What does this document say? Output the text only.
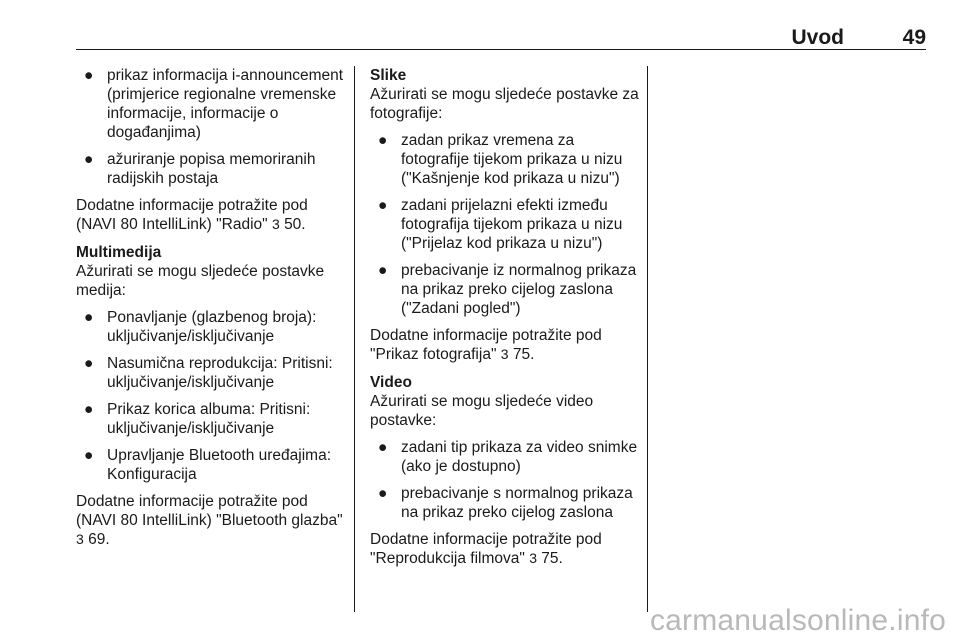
Uvod	49
● prikaz informacija i-announcement (primjerice regionalne vremenske informacije, informacije o događanjima)
● ažuriranje popisa memoriranih radijskih postaja

Dodatne informacije potražite pod (NAVI 80 IntelliLink) "Radio" 3 50.

Multimedija

Ažurirati se mogu sljedeće postavke medija:

● Ponavljanje (glazbenog broja): uključivanje/isključivanje
● Nasumična reprodukcija: Pritisni: uključivanje/isključivanje
● Prikaz korica albuma: Pritisni: uključivanje/isključivanje
● Upravljanje Bluetooth uređajima: Konfiguracija

Dodatne informacije potražite pod (NAVI 80 IntelliLink) "Bluetooth glazba" 3 69.

Slike

Ažurirati se mogu sljedeće postavke za fotografije:

● zadan prikaz vremena za fotografije tijekom prikaza u nizu ("Kašnjenje kod prikaza u nizu")
● zadani prijelazni efekti između fotografija tijekom prikaza u nizu ("Prijelaz kod prikaza u nizu")
● prebacivanje iz normalnog prikaza na prikaz preko cijelog zaslona ("Zadani pogled")

Dodatne informacije potražite pod "Prikaz fotografija" 3 75.

Video

Ažurirati se mogu sljedeće video postavke:

● zadani tip prikaza za video snimke (ako je dostupno)
● prebacivanje s normalnog prikaza na prikaz preko cijelog zaslona

Dodatne informacije potražite pod "Reprodukcija filmova" 3 75.

carmanualsonline.info
